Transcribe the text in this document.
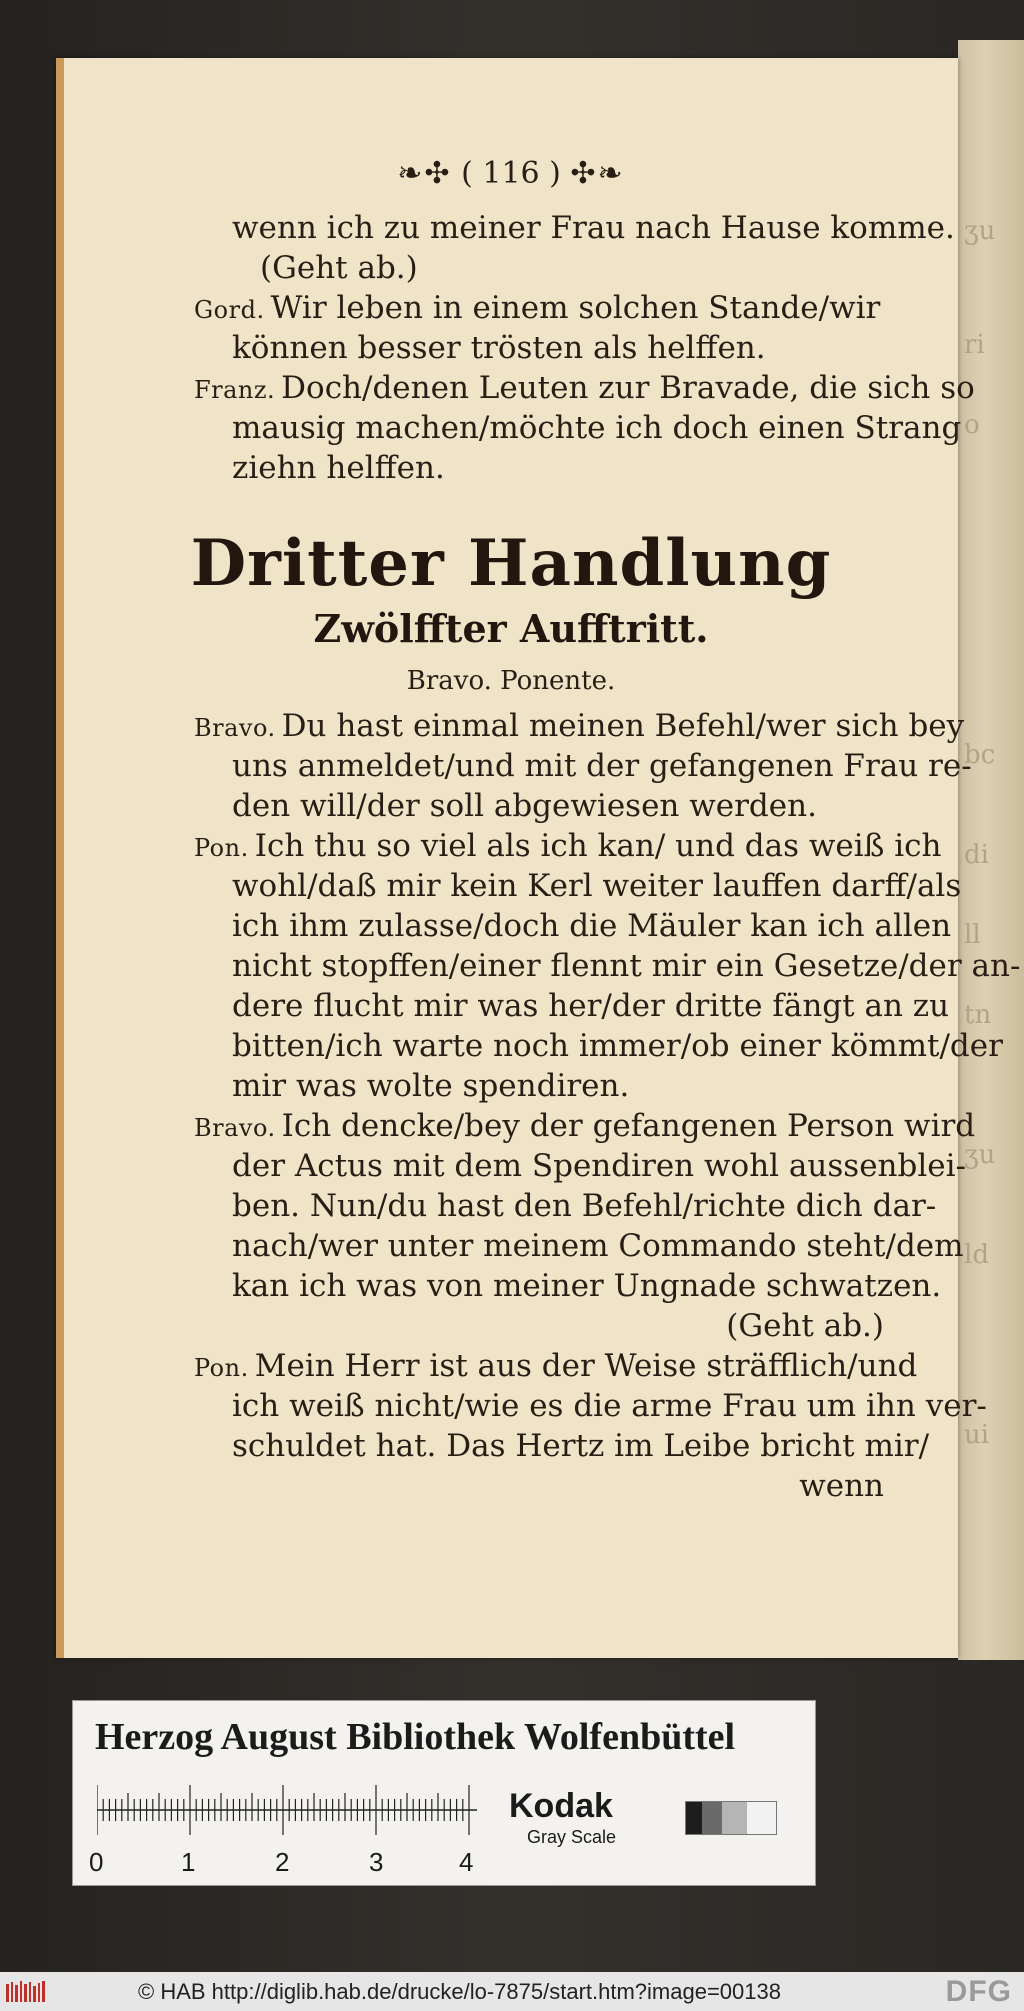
ʒu
ri
o
bc
di
ll
tn
ʒu
ld
ui
❧✣ ( 116 ) ✣❧
wenn ich zu meiner Frau nach Hause komme.
(Geht ab.)
Gord. Wir leben in einem solchen Stande/wir
können besser trösten als helffen.
Franz. Doch/denen Leuten zur Bravade, die sich so
mausig machen/möchte ich doch einen Strang
ziehn helffen.
Dritter Handlung
Zwölffter Aufftritt.
Bravo. Ponente.
Bravo. Du hast einmal meinen Befehl/wer sich bey
uns anmeldet/und mit der gefangenen Frau re-
den will/der soll abgewiesen werden.
Pon. Ich thu so viel als ich kan/ und das weiß ich
wohl/daß mir kein Kerl weiter lauffen darff/als
ich ihm zulasse/doch die Mäuler kan ich allen
nicht stopffen/einer flennt mir ein Gesetze/der an-
dere flucht mir was her/der dritte fängt an zu
bitten/ich warte noch immer/ob einer kömmt/der
mir was wolte spendiren.
Bravo. Ich dencke/bey der gefangenen Person wird
der Actus mit dem Spendiren wohl aussenblei-
ben. Nun/du hast den Befehl/richte dich dar-
nach/wer unter meinem Commando steht/dem
kan ich was von meiner Ungnade schwatzen.
(Geht ab.)
Pon. Mein Herr ist aus der Weise sträfflich/und
ich weiß nicht/wie es die arme Frau um ihn ver-
schuldet hat. Das Hertz im Leibe bricht mir/
wenn
Herzog August Bibliothek Wolfenbüttel
0	1	2	3	4
Kodak
Gray Scale
© HAB http://diglib.hab.de/drucke/lo-7875/start.htm?image=00138	DFG
